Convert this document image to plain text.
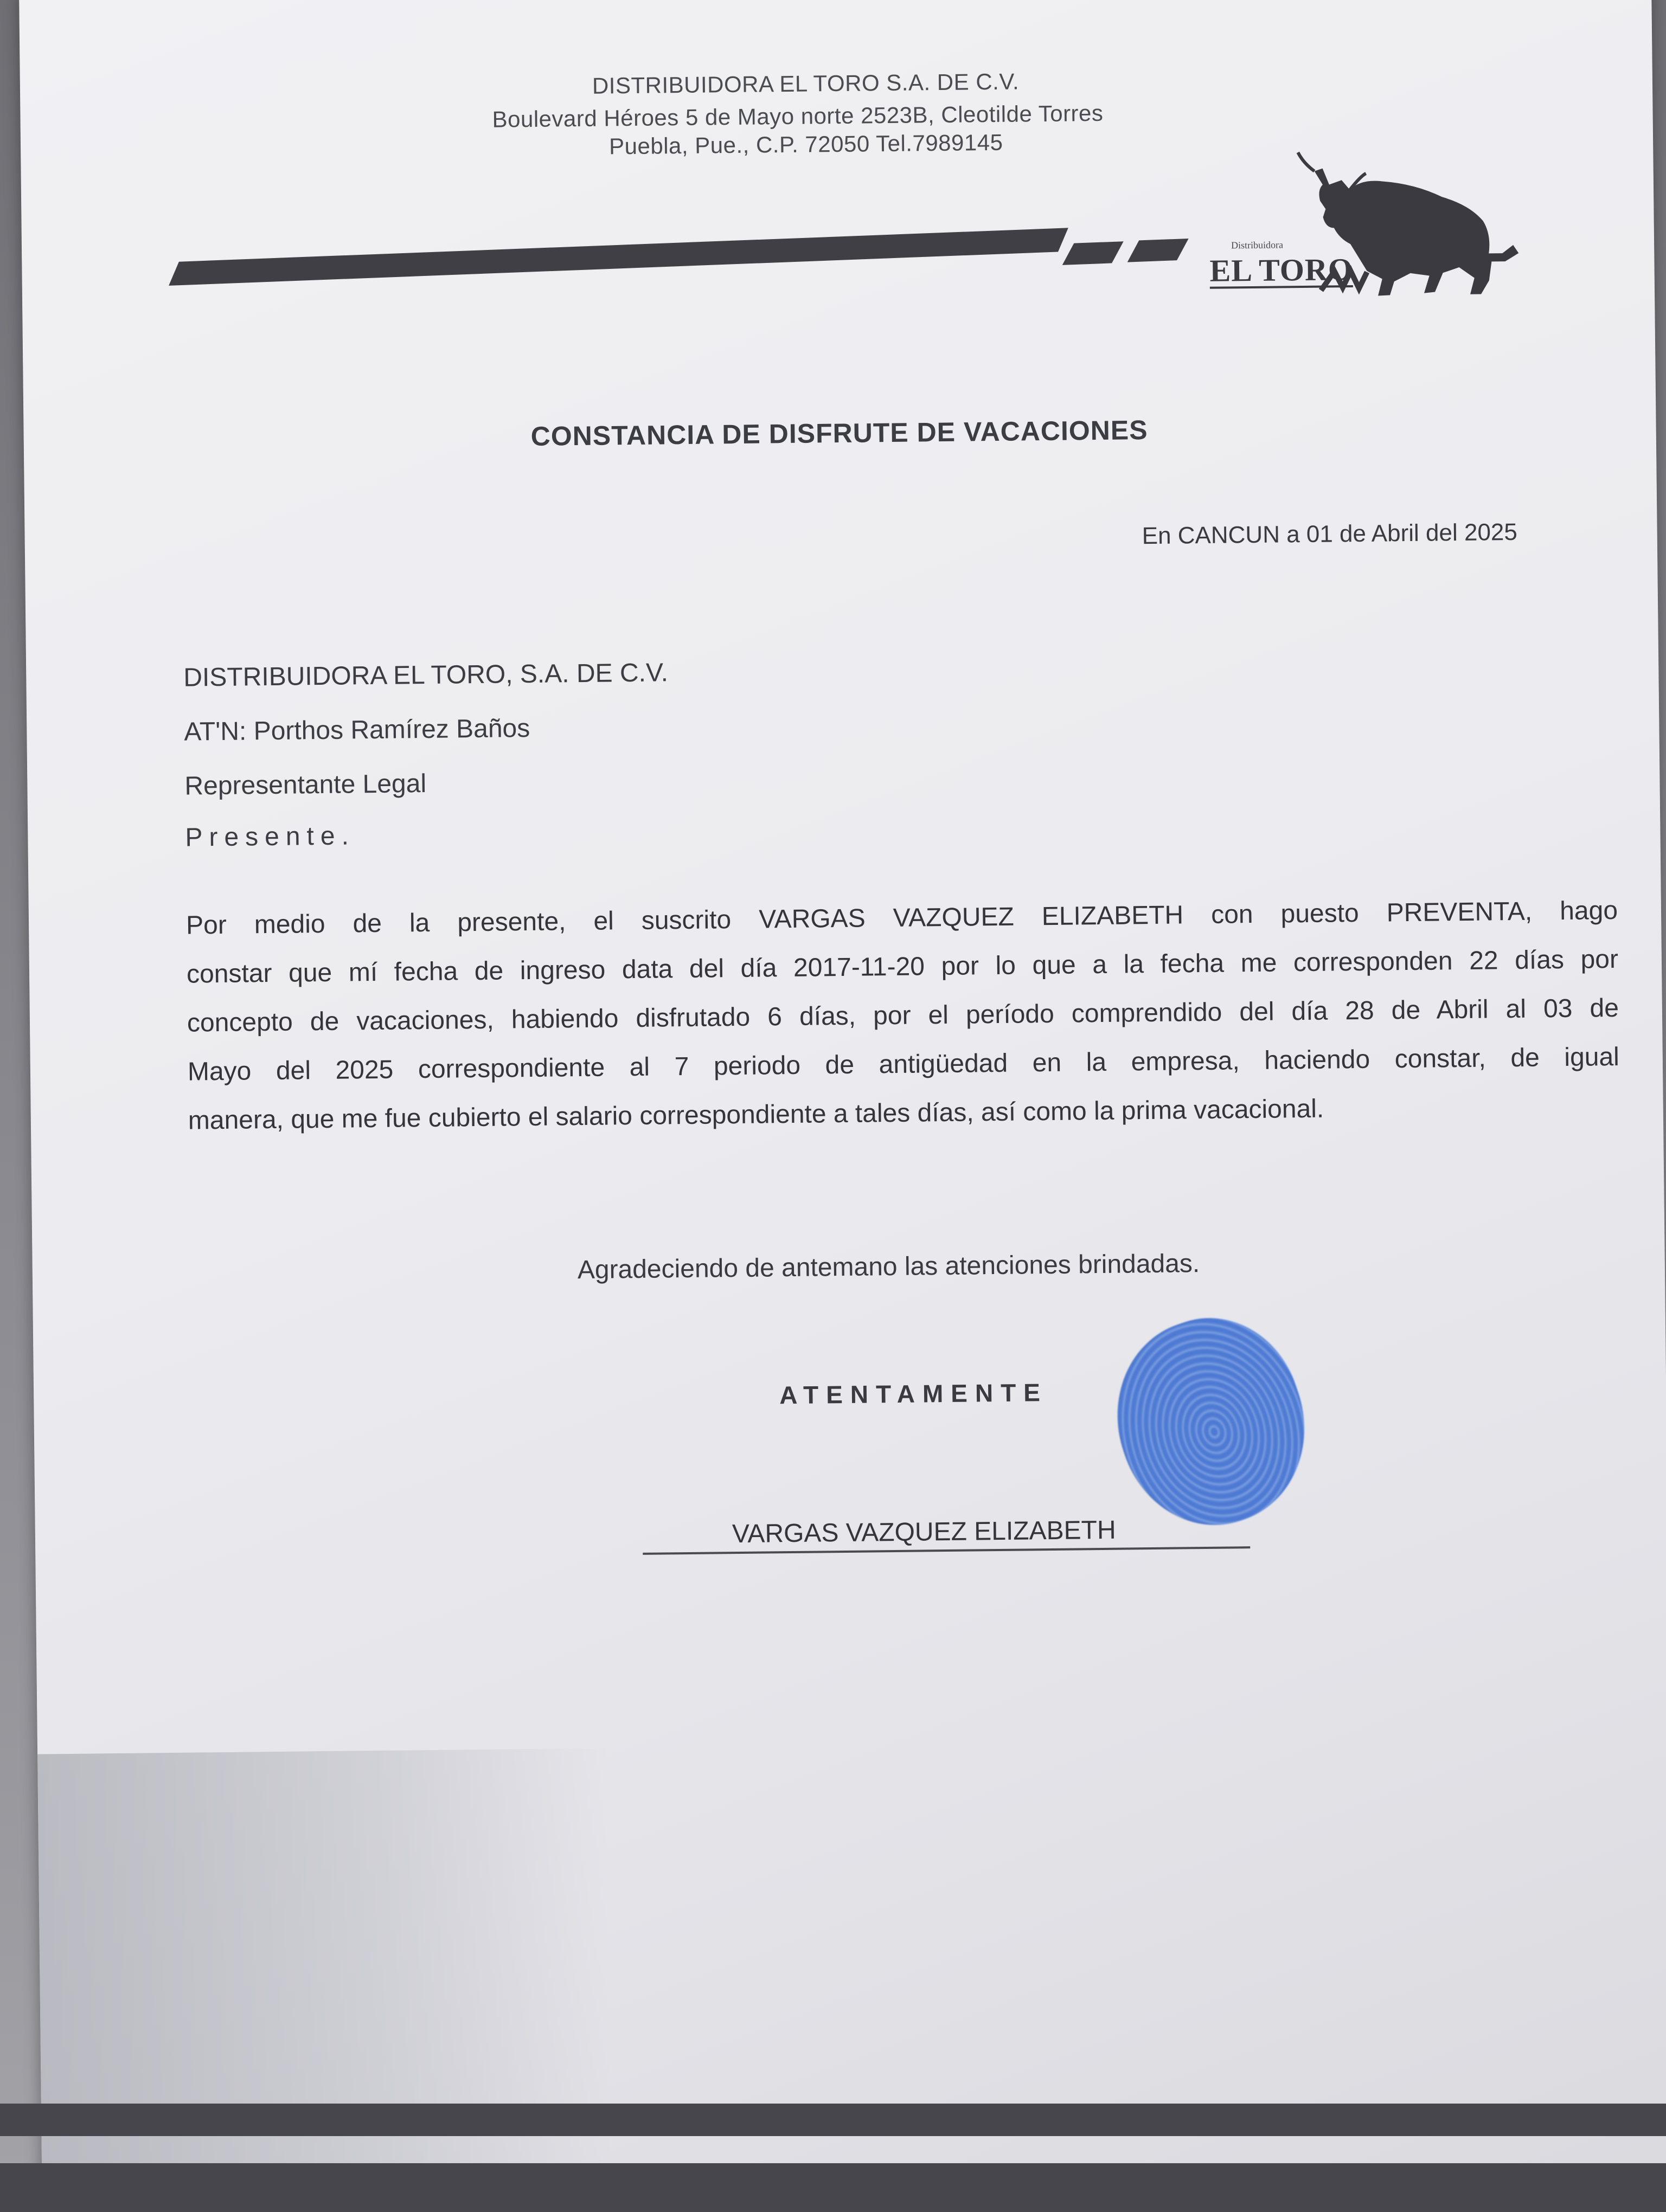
DISTRIBUIDORA EL TORO S.A. DE C.V.
Boulevard Héroes 5 de Mayo norte 2523B, Cleotilde Torres
Puebla, Pue., C.P. 72050 Tel.7989145
Distribuidora
EL TORO
CONSTANCIA DE DISFRUTE DE VACACIONES
En CANCUN a 01 de Abril del 2025
DISTRIBUIDORA EL TORO, S.A. DE C.V.
AT'N: Porthos Ramírez Baños
Representante Legal
Presente.
Por medio de la presente, el suscrito VARGAS VAZQUEZ ELIZABETH con puesto PREVENTA, hago
constar que mí fecha de ingreso data del día 2017-11-20 por lo que a la fecha me corresponden 22 días por
concepto de vacaciones, habiendo disfrutado 6 días, por el período comprendido del día 28 de Abril al 03 de
Mayo del 2025 correspondiente al 7 periodo de antigüedad en la empresa, haciendo constar, de igual
manera, que me fue cubierto el salario correspondiente a tales días, así como la prima vacacional.
Agradeciendo de antemano las atenciones brindadas.
ATENTAMENTE
VARGAS VAZQUEZ ELIZABETH
